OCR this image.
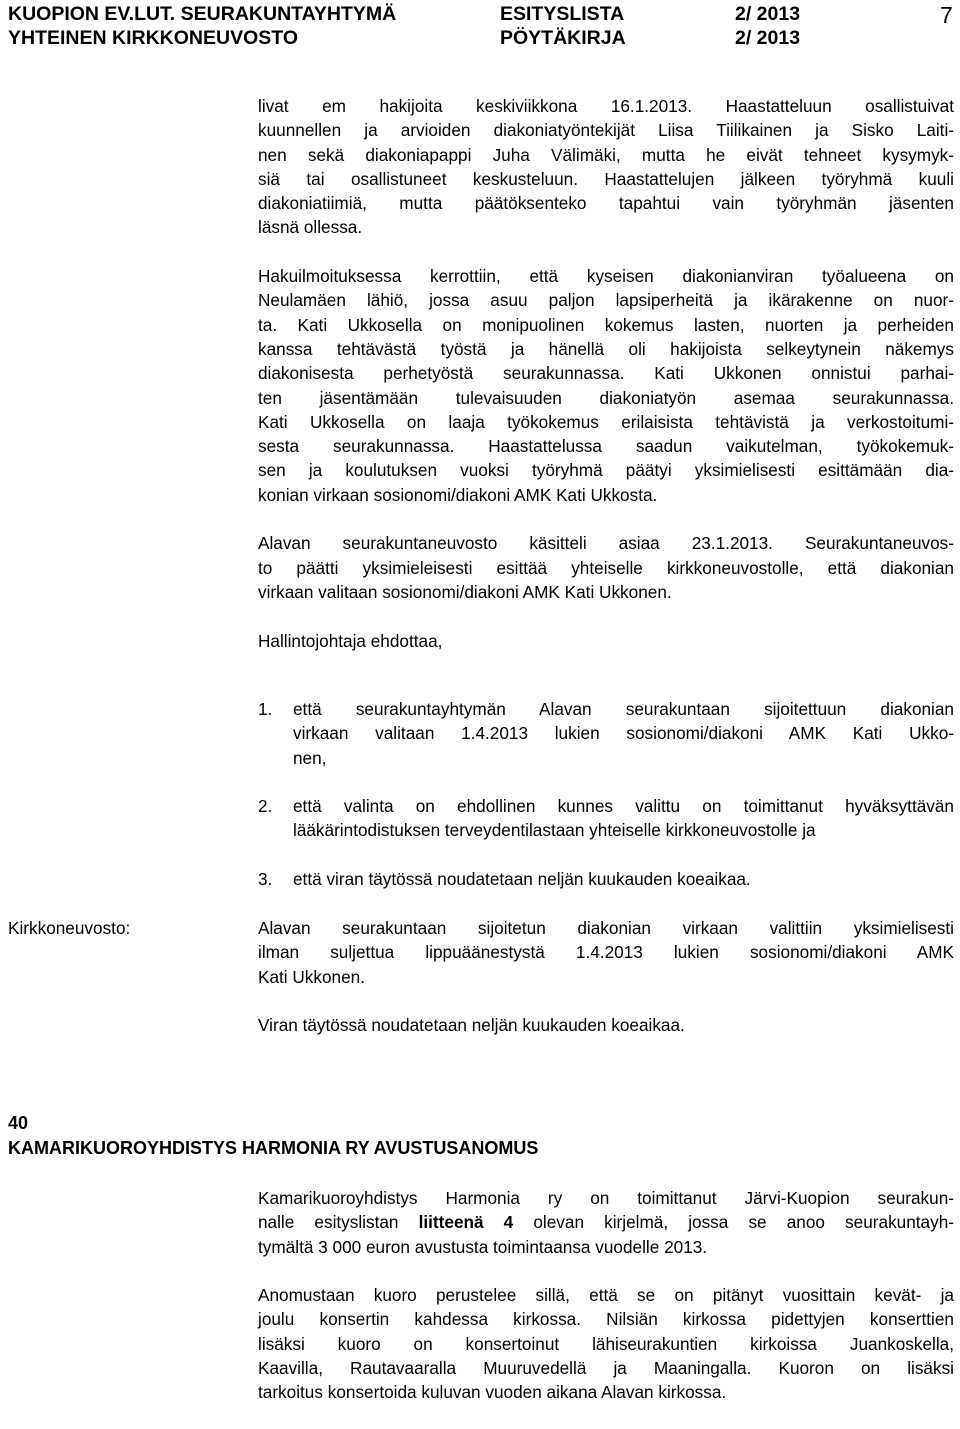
KUOPION EV.LUT. SEURAKUNTAYHTYMÄ
YHTEINEN KIRKKONEUVOSTO
ESITYSLISTA
PÖYTÄKIRJA
2/ 2013
2/ 2013
7
livat em hakijoita keskiviikkona 16.1.2013. Haastatteluun osallistuivat
kuunnellen ja arvioiden diakoniatyöntekijät Liisa Tiilikainen ja Sisko Laiti-
nen sekä diakoniapappi Juha Välimäki, mutta he eivät tehneet kysymyk-
siä tai osallistuneet keskusteluun. Haastattelujen jälkeen työryhmä kuuli
diakoniatiimiä, mutta päätöksenteko tapahtui vain työryhmän jäsenten
läsnä ollessa.
Hakuilmoituksessa kerrottiin, että kyseisen diakonianviran työalueena on
Neulamäen lähiö, jossa asuu paljon lapsiperheitä ja ikärakenne on nuor-
ta. Kati Ukkosella on monipuolinen kokemus lasten, nuorten ja perheiden
kanssa tehtävästä työstä ja hänellä oli hakijoista selkeytynein näkemys
diakonisesta perhetyöstä seurakunnassa. Kati Ukkonen onnistui parhai-
ten jäsentämään tulevaisuuden diakoniatyön asemaa seurakunnassa.
Kati Ukkosella on laaja työkokemus erilaisista tehtävistä ja verkostoitumi-
sesta seurakunnassa. Haastattelussa saadun vaikutelman, työkokemuk-
sen ja koulutuksen vuoksi työryhmä päätyi yksimielisesti esittämään dia-
konian virkaan sosionomi/diakoni AMK Kati Ukkosta.
Alavan seurakuntaneuvosto käsitteli asiaa 23.1.2013. Seurakuntaneuvos-
to päätti yksimieleisesti esittää yhteiselle kirkkoneuvostolle, että diakonian
virkaan valitaan sosionomi/diakoni AMK Kati Ukkonen.
Hallintojohtaja ehdottaa,
1. että seurakuntayhtymän Alavan seurakuntaan sijoitettuun diakonian
virkaan valitaan 1.4.2013 lukien sosionomi/diakoni AMK Kati Ukko-
nen,
2. että valinta on ehdollinen kunnes valittu on toimittanut hyväksyttävän
lääkärintodistuksen terveydentilastaan yhteiselle kirkkoneuvostolle ja
3. että viran täytössä noudatetaan neljän kuukauden koeaikaa.
Kirkkoneuvosto:	Alavan seurakuntaan sijoitetun diakonian virkaan valittiin yksimielisesti
ilman suljettua lippuäänestystä 1.4.2013 lukien sosionomi/diakoni AMK
Kati Ukkonen.
Viran täytössä noudatetaan neljän kuukauden koeaikaa.
40
KAMARIKUOROYHDISTYS HARMONIA RY AVUSTUSANOMUS
Kamarikuoroyhdistys Harmonia ry on toimittanut Järvi-Kuopion seurakun-
nalle esityslistan liitteenä 4 olevan kirjelmä, jossa se anoo seurakuntayh-
tymältä 3 000 euron avustusta toimintaansa vuodelle 2013.
Anomustaan kuoro perustelee sillä, että se on pitänyt vuosittain kevät- ja
joulu konsertin kahdessa kirkossa. Nilsiän kirkossa pidettyjen konserttien
lisäksi kuoro on konsertoinut lähiseurakuntien kirkoissa Juankoskella,
Kaavilla, Rautavaaralla Muuruvedellä ja Maaningalla. Kuoron on lisäksi
tarkoitus konsertoida kuluvan vuoden aikana Alavan kirkossa.
